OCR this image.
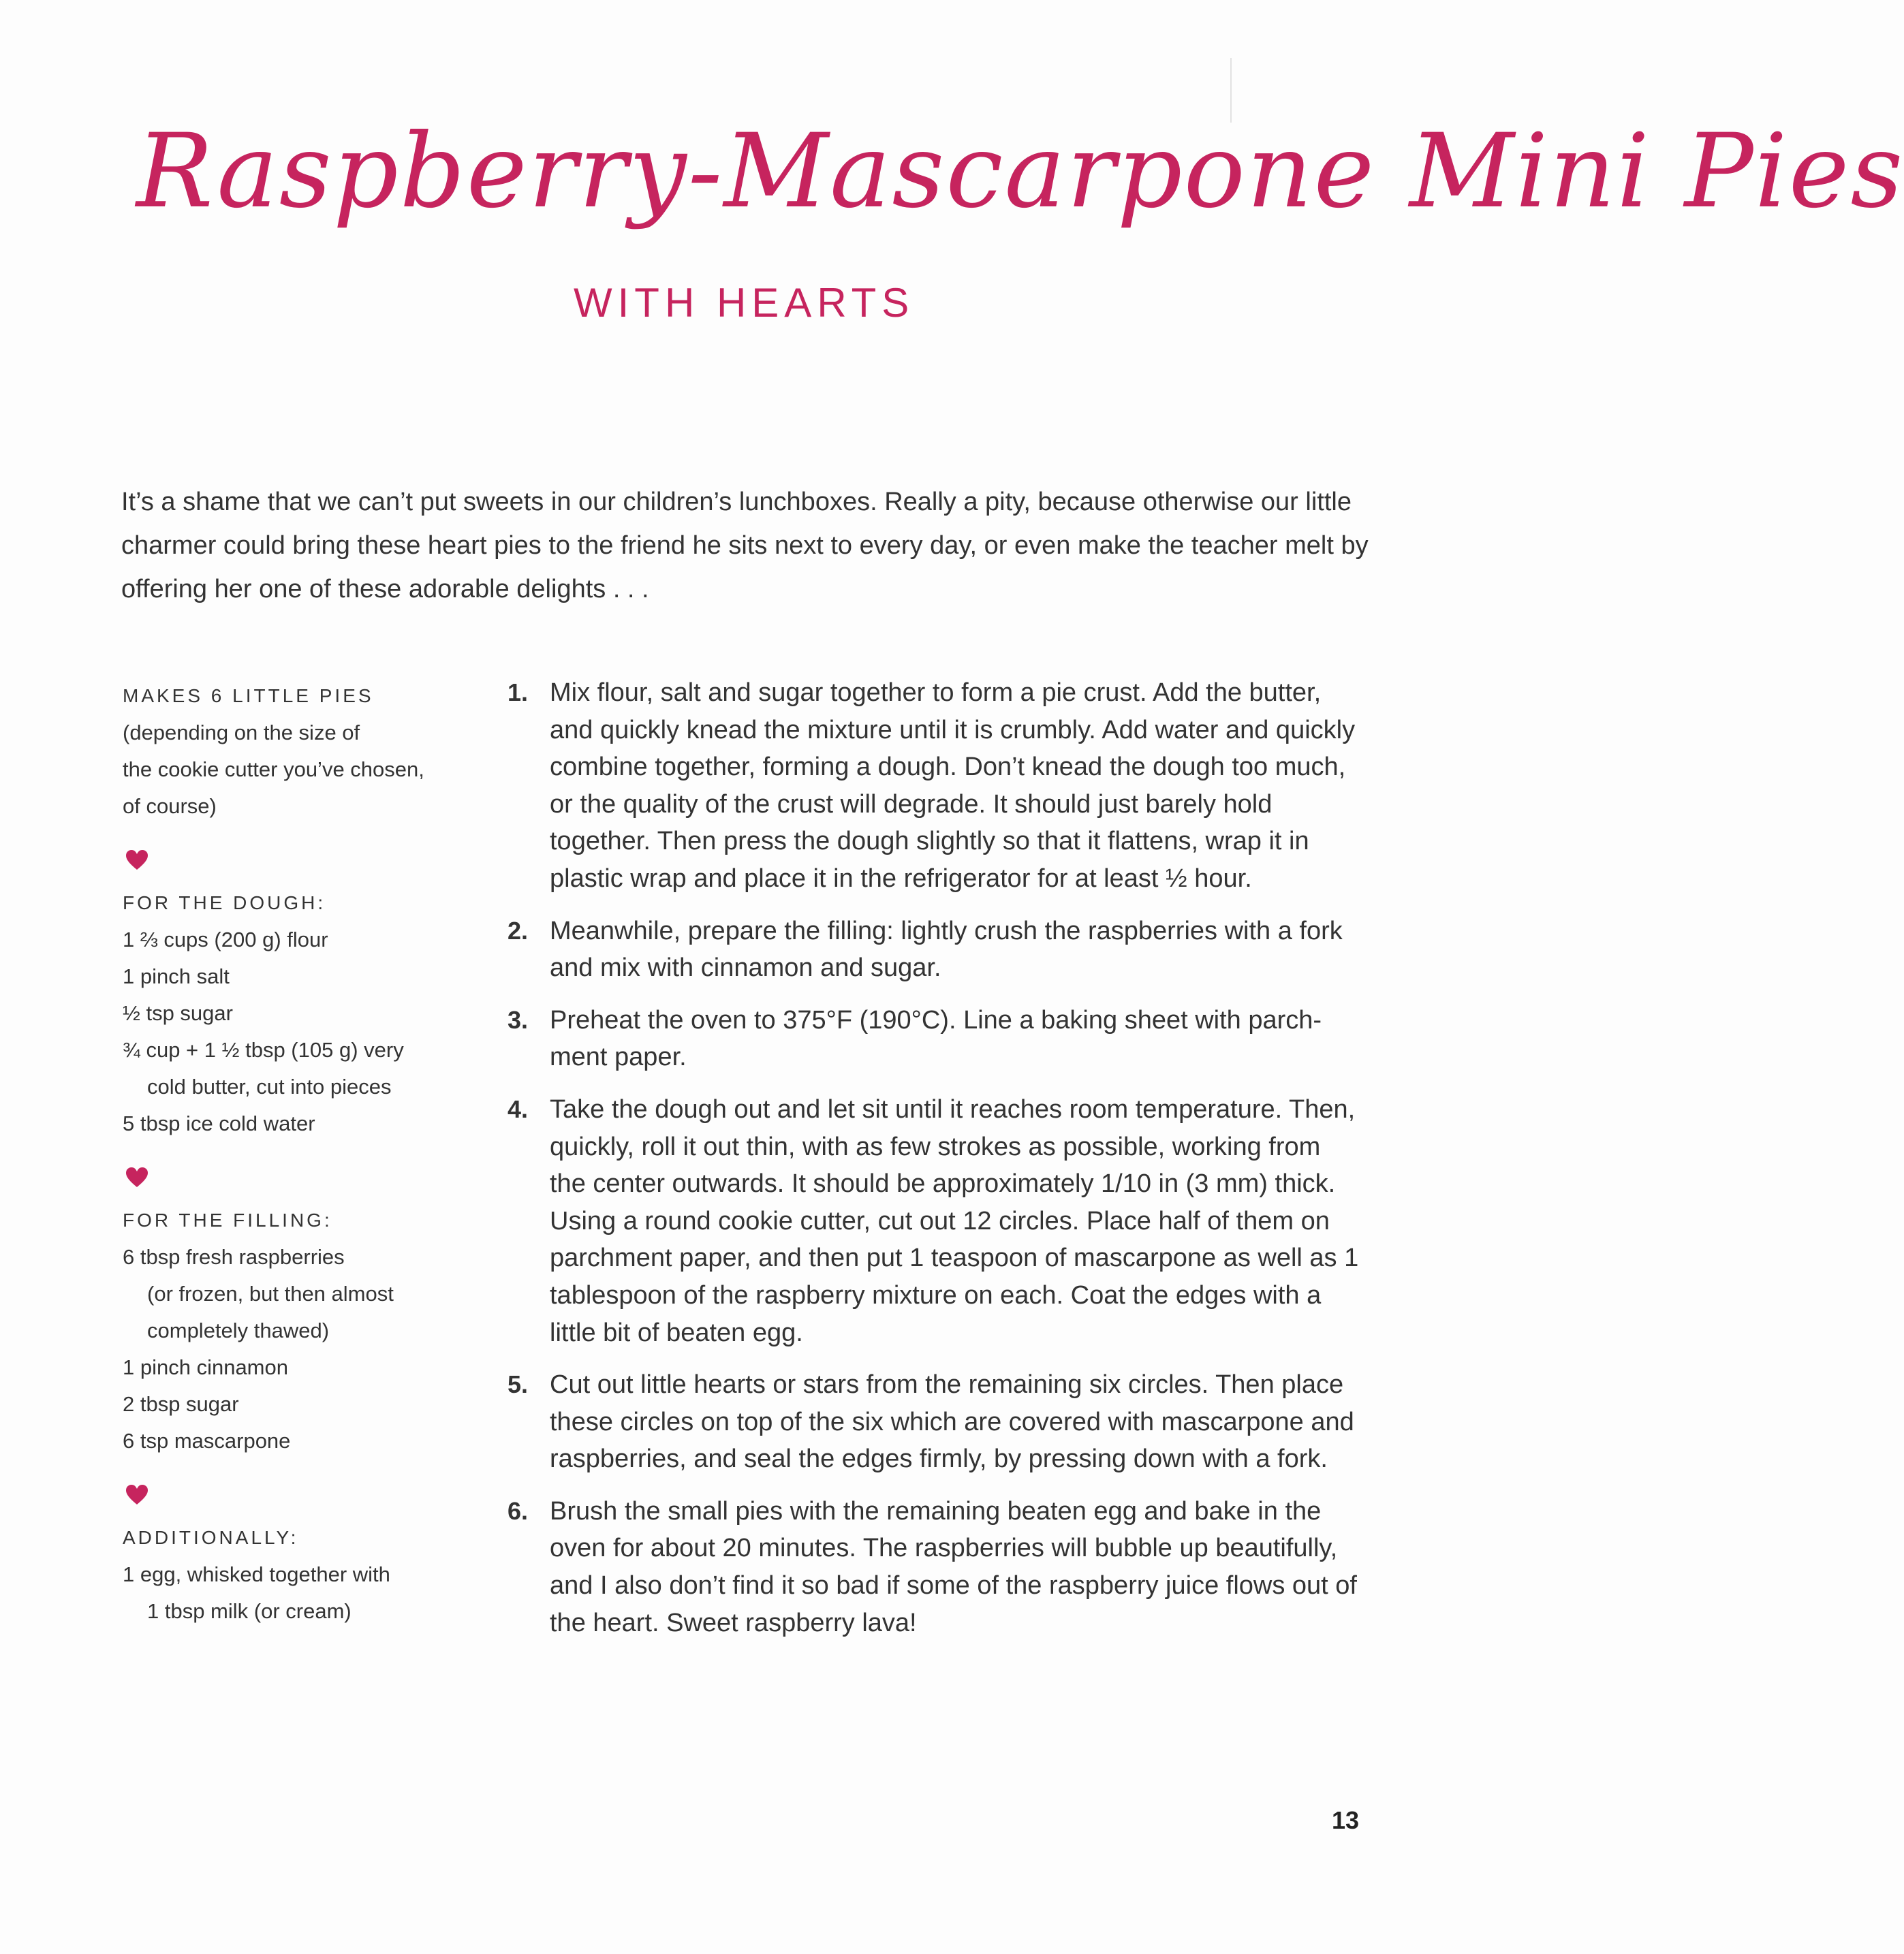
Raspberry-Mascarpone Mini Pies
WITH HEARTS

It’s a shame that we can’t put sweets in our children’s lunchboxes. Really a pity, because otherwise our little charmer could bring these heart pies to the friend he sits next to every day, or even make the teacher melt by offering her one of these adorable delights . . .

MAKES 6 LITTLE PIES
(depending on the size of
the cookie cutter you’ve chosen,
of course)
FOR THE DOUGH:
1 ⅔ cups (200 g) flour
1 pinch salt
½ tsp sugar
¾ cup + 1 ½ tbsp (105 g) very
cold butter, cut into pieces
5 tbsp ice cold water
FOR THE FILLING:
6 tbsp fresh raspberries
(or frozen, but then almost
completely thawed)
1 pinch cinnamon
2 tbsp sugar
6 tsp mascarpone
ADDITIONALLY:
1 egg, whisked together with
1 tbsp milk (or cream)
1. Mix flour, salt and sugar together to form a pie crust. Add the butter, and quickly knead the mixture until it is crumbly. Add water and quickly combine together, forming a dough. Don’t knead the dough too much, or the quality of the crust will degrade. It should just barely hold together. Then press the dough slightly so that it flattens, wrap it in plastic wrap and place it in the refrigerator for at least ½ hour.
2. Meanwhile, prepare the filling: lightly crush the raspberries with a fork and mix with cinnamon and sugar.
3. Preheat the oven to 375°F (190°C). Line a baking sheet with parch-ment paper.
4. Take the dough out and let sit until it reaches room temperature. Then, quickly, roll it out thin, with as few strokes as possible, working from the center outwards. It should be approximately 1/10 in (3 mm) thick. Using a round cookie cutter, cut out 12 circles. Place half of them on parchment paper, and then put 1 teaspoon of mascarpone as well as 1 tablespoon of the raspberry mixture on each. Coat the edges with a little bit of beaten egg.
5. Cut out little hearts or stars from the remaining six circles. Then place these circles on top of the six which are covered with mascarpone and raspberries, and seal the edges firmly, by pressing down with a fork.
6. Brush the small pies with the remaining beaten egg and bake in the oven for about 20 minutes. The raspberries will bubble up beautifully, and I also don’t find it so bad if some of the raspberry juice flows out of the heart. Sweet raspberry lava!
13
